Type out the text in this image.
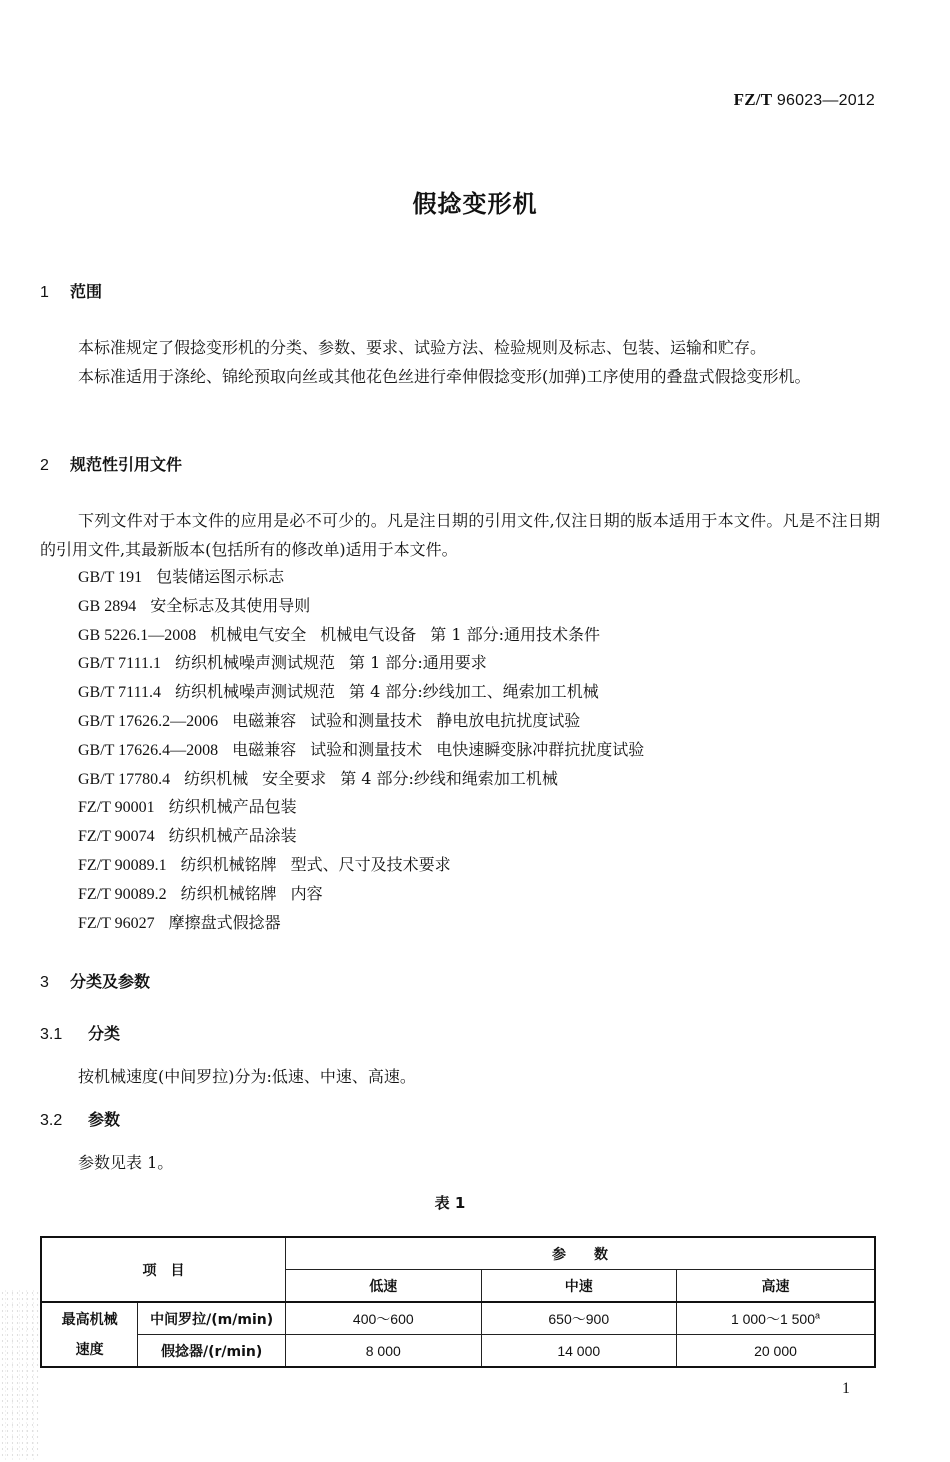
FZ/T 96023—2012
假捻变形机
1 范围
本标准规定了假捻变形机的分类、参数、要求、试验方法、检验规则及标志、包装、运输和贮存。
本标准适用于涤纶、锦纶预取向丝或其他花色丝进行牵伸假捻变形(加弹)工序使用的叠盘式假捻变形机。
2 规范性引用文件
下列文件对于本文件的应用是必不可少的。凡是注日期的引用文件,仅注日期的版本适用于本文件。凡是不注日期的引用文件,其最新版本(包括所有的修改单)适用于本文件。
GB/T 191 包装储运图示标志
GB 2894 安全标志及其使用导则
GB 5226.1—2008 机械电气安全 机械电气设备 第 1 部分:通用技术条件
GB/T 7111.1 纺织机械噪声测试规范 第 1 部分:通用要求
GB/T 7111.4 纺织机械噪声测试规范 第 4 部分:纱线加工、绳索加工机械
GB/T 17626.2—2006 电磁兼容 试验和测量技术 静电放电抗扰度试验
GB/T 17626.4—2008 电磁兼容 试验和测量技术 电快速瞬变脉冲群抗扰度试验
GB/T 17780.4 纺织机械 安全要求 第 4 部分:纱线和绳索加工机械
FZ/T 90001 纺织机械产品包装
FZ/T 90074 纺织机械产品涂装
FZ/T 90089.1 纺织机械铭牌 型式、尺寸及技术要求
FZ/T 90089.2 纺织机械铭牌 内容
FZ/T 96027 摩擦盘式假捻器
3 分类及参数
3.1 分类
按机械速度(中间罗拉)分为:低速、中速、高速。
3.2 参数
参数见表 1。
表 1
项　目		参　　数		
		低速	中速	高速

最高机械
速度	中间罗拉/(m/min)	400～600	650～900	1 000～1 500$^a$
	假捻器/(r/min)	8 000	14 000	20 000
1
